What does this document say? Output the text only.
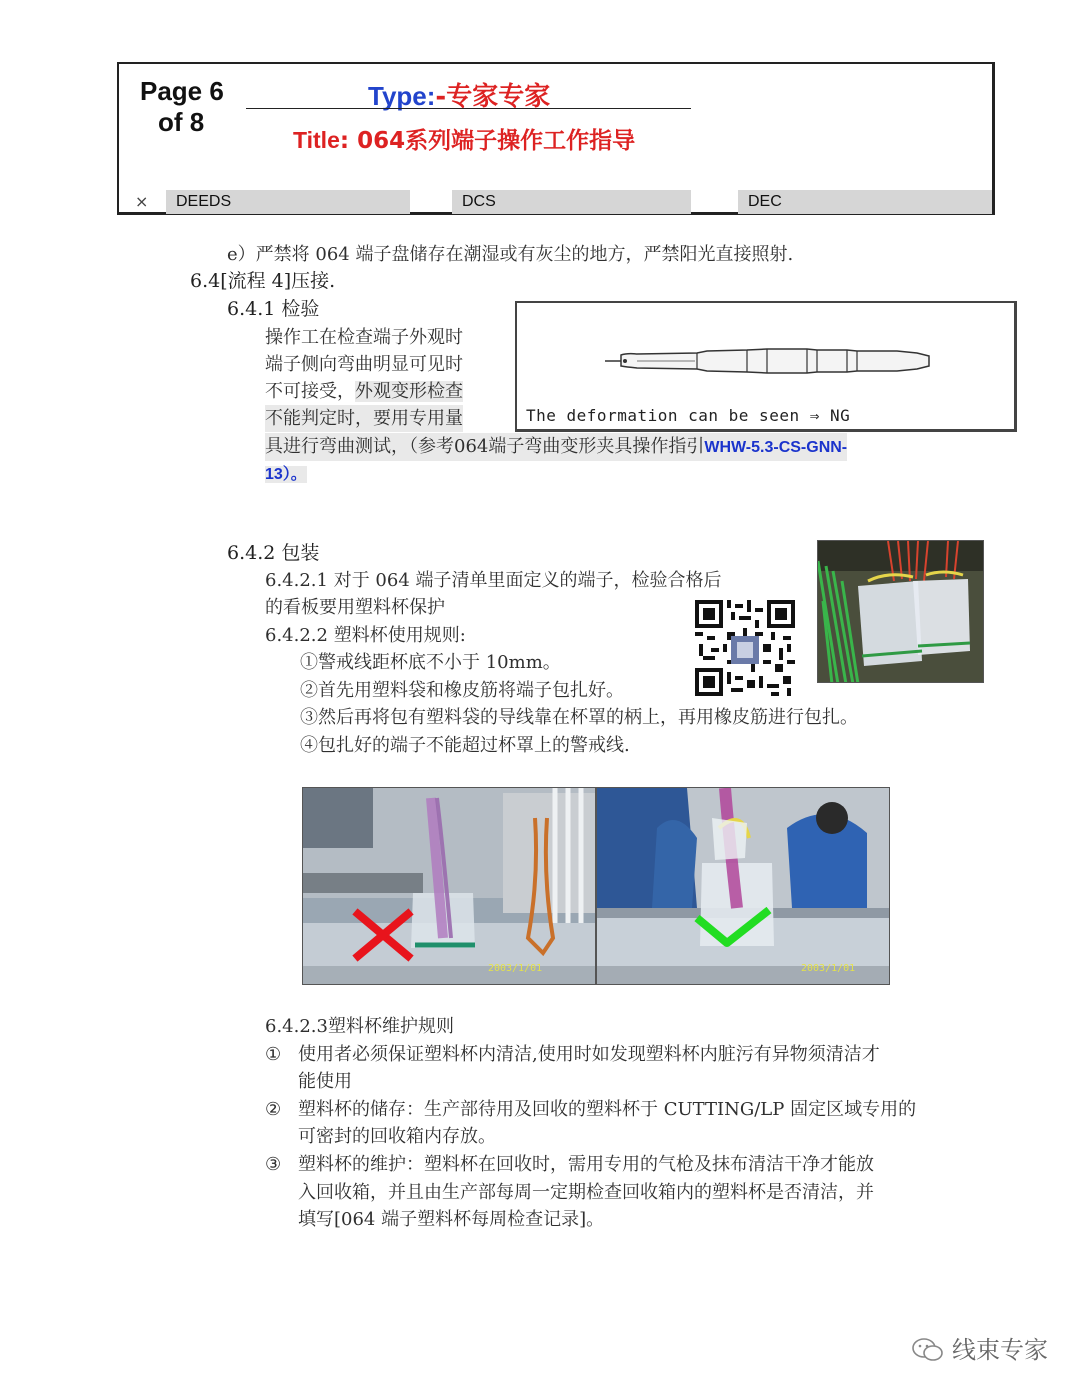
Page 6
of 8
Type:-专家专家
Title: 064系列端子操作工作指导
×	DEEDS	DCS	DEC
e）严禁将 064 端子盘储存在潮湿或有灰尘的地方，严禁阳光直接照射.
6.4[流程 4]压接.
6.4.1 检验
操作工在检查端子外观时
端子侧向弯曲明显可见时
不可接受，外观变形检查
不能判定时，要用专用量
具进行弯曲测试，（参考064端子弯曲变形夹具操作指引WHW-5.3-CS-GNN-
13）。
The deformation can be seen ⇒ NG
6.4.2 包装
6.4.2.1 对于 064 端子清单里面定义的端子，检验合格后
的看板要用塑料杯保护
6.4.2.2 塑料杯使用规则:
①警戒线距杯底不小于 10mm。
②首先用塑料袋和橡皮筋将端子包扎好。
③然后再将包有塑料袋的导线靠在杯罩的柄上，再用橡皮筋进行包扎。
④包扎好的端子不能超过杯罩上的警戒线.
2003/1/01	2003/1/01
6.4.2.3塑料杯维护规则
① 使用者必须保证塑料杯内清洁,使用时如发现塑料杯内脏污有异物须清洁才
能使用
② 塑料杯的储存：生产部待用及回收的塑料杯于 CUTTING/LP 固定区域专用的
可密封的回收箱内存放。
③ 塑料杯的维护：塑料杯在回收时，需用专用的气枪及抹布清洁干净才能放
入回收箱，并且由生产部每周一定期检查回收箱内的塑料杯是否清洁，并
填写[064 端子塑料杯每周检查记录]。
线束专家
